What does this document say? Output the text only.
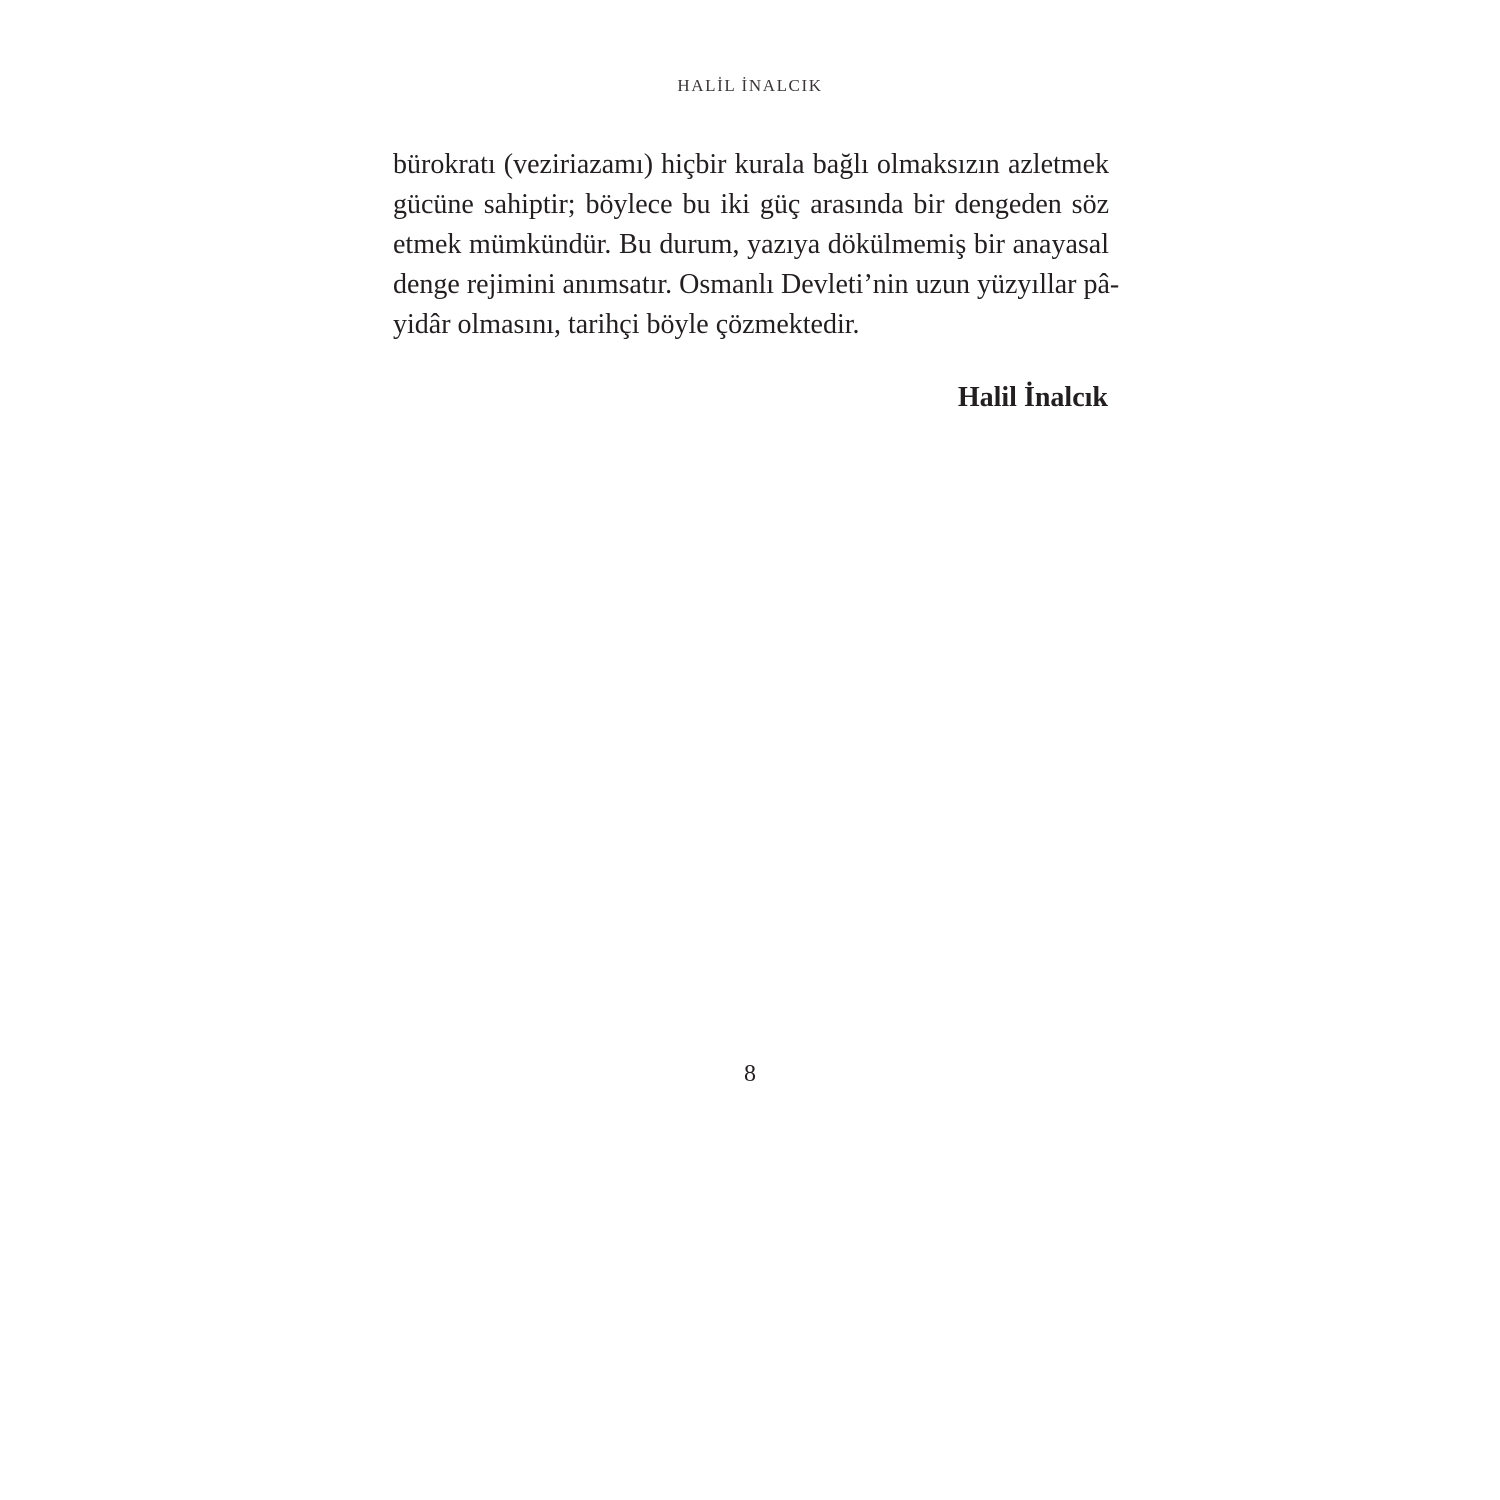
HALİL İNALCIK
bürokratı (veziriazamı) hiçbir kurala bağlı olmaksızın azletmek
gücüne sahiptir; böylece bu iki güç arasında bir dengeden söz
etmek mümkündür. Bu durum, yazıya dökülmemiş bir anayasal
denge rejimini anımsatır. Osmanlı Devleti’nin uzun yüzyıllar pâ-
yidâr olmasını, tarihçi böyle çözmektedir.
Halil İnalcık
8
